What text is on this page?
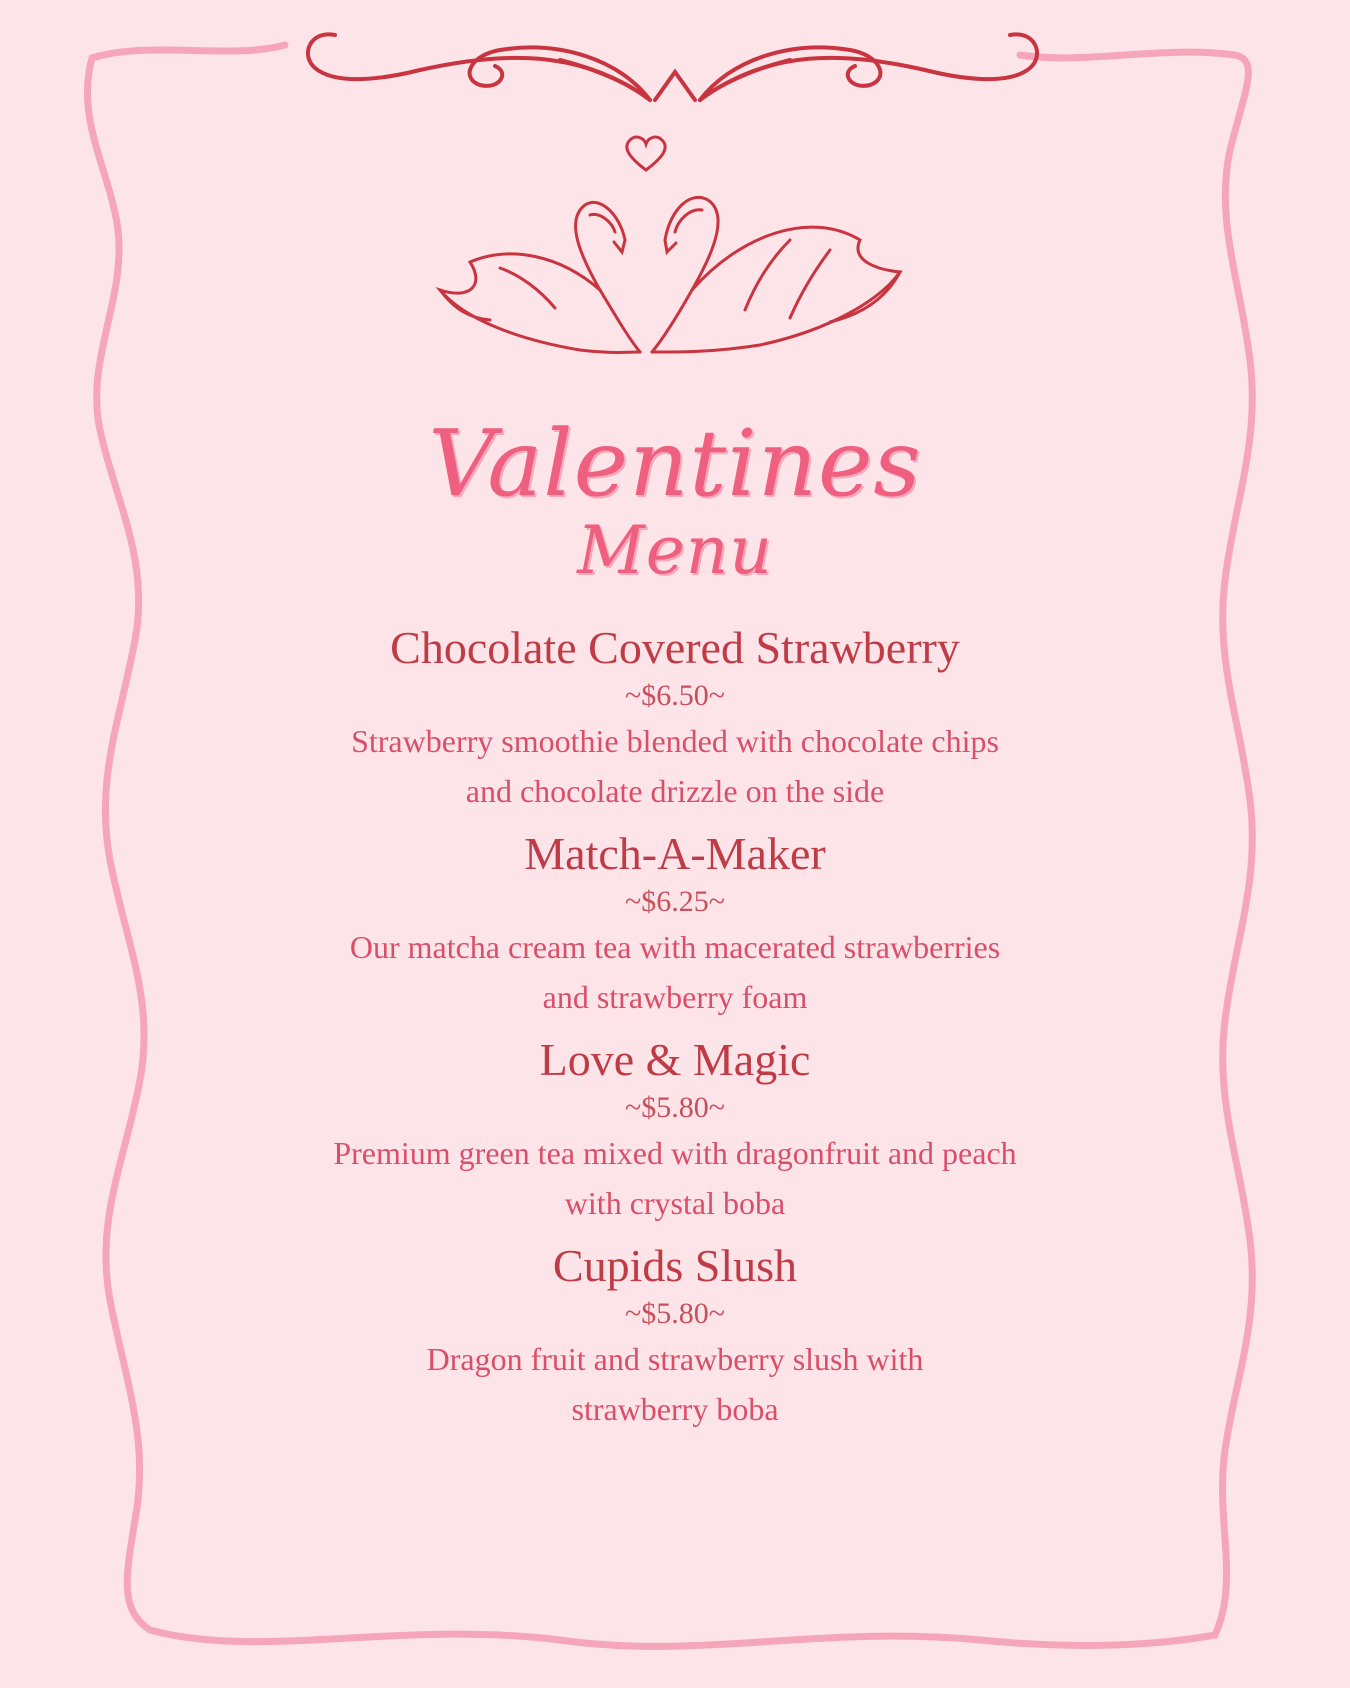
Valentines
Menu
Chocolate Covered Strawberry
~$6.50~
Strawberry smoothie blended with chocolate chips
and chocolate drizzle on the side
Match-A-Maker
~$6.25~
Our matcha cream tea with macerated strawberries
and strawberry foam
Love & Magic
~$5.80~
Premium green tea mixed with dragonfruit and peach
with crystal boba
Cupids Slush
~$5.80~
Dragon fruit and strawberry slush with
strawberry boba
